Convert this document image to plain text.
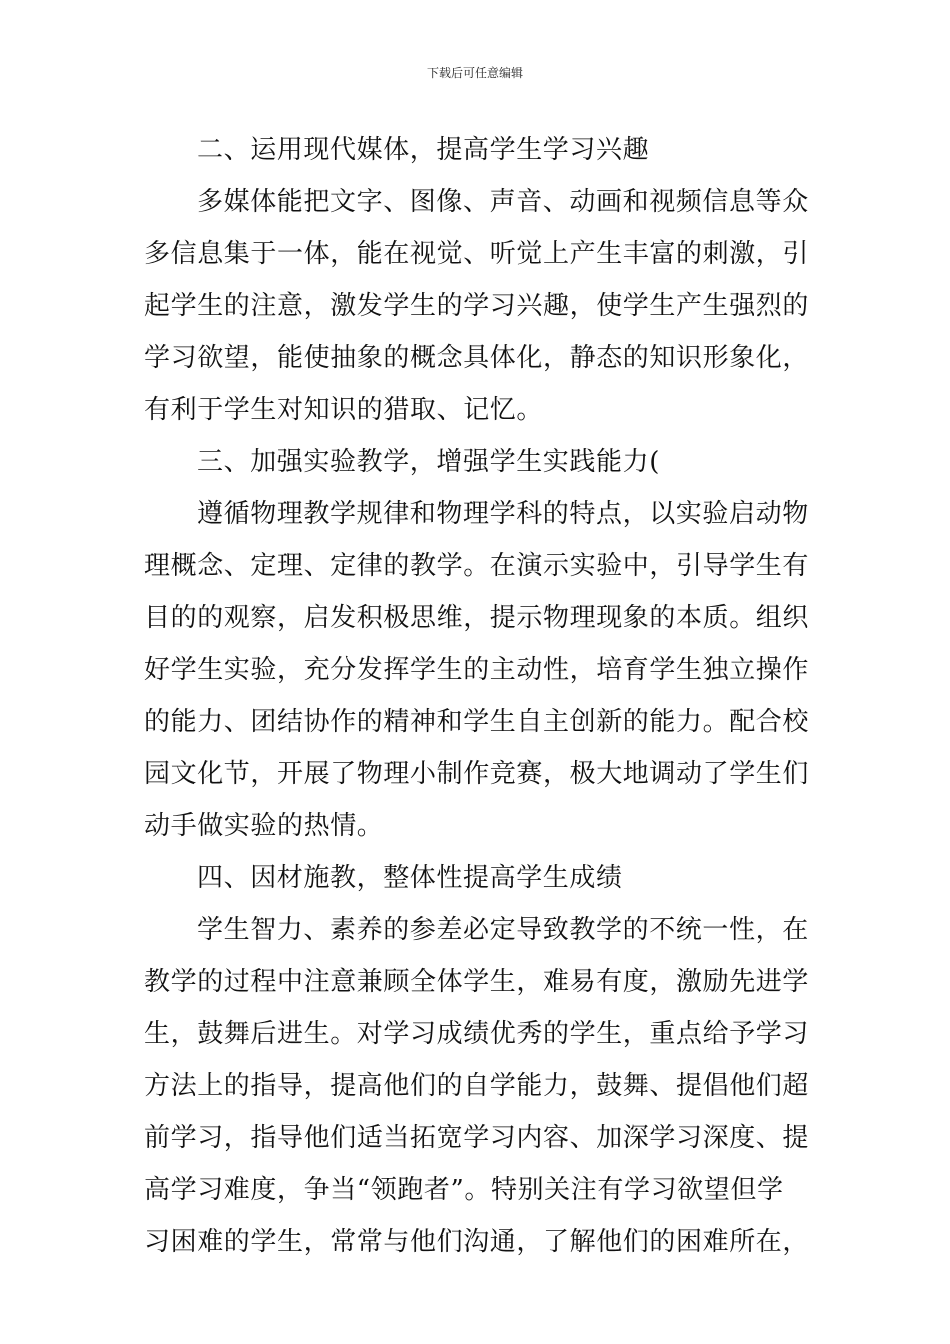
下载后可任意编辑
二、运用现代媒体，提高学生学习兴趣
多媒体能把文字、图像、声音、动画和视频信息等众
多信息集于一体，能在视觉、听觉上产生丰富的刺激，引
起学生的注意，激发学生的学习兴趣，使学生产生强烈的
学习欲望，能使抽象的概念具体化，静态的知识形象化，
有利于学生对知识的猎取、记忆。
三、加强实验教学，增强学生实践能力(
遵循物理教学规律和物理学科的特点，以实验启动物
理概念、定理、定律的教学。在演示实验中，引导学生有
目的的观察，启发积极思维，提示物理现象的本质。组织
好学生实验，充分发挥学生的主动性，培育学生独立操作
的能力、团结协作的精神和学生自主创新的能力。配合校
园文化节，开展了物理小制作竞赛，极大地调动了学生们
动手做实验的热情。
四、因材施教，整体性提高学生成绩
学生智力、素养的参差必定导致教学的不统一性，在
教学的过程中注意兼顾全体学生，难易有度，激励先进学
生，鼓舞后进生。对学习成绩优秀的学生，重点给予学习
方法上的指导，提高他们的自学能力，鼓舞、提倡他们超
前学习，指导他们适当拓宽学习内容、加深学习深度、提
高学习难度，争当“领跑者”。特别关注有学习欲望但学
习困难的学生，常常与他们沟通，了解他们的困难所在，
